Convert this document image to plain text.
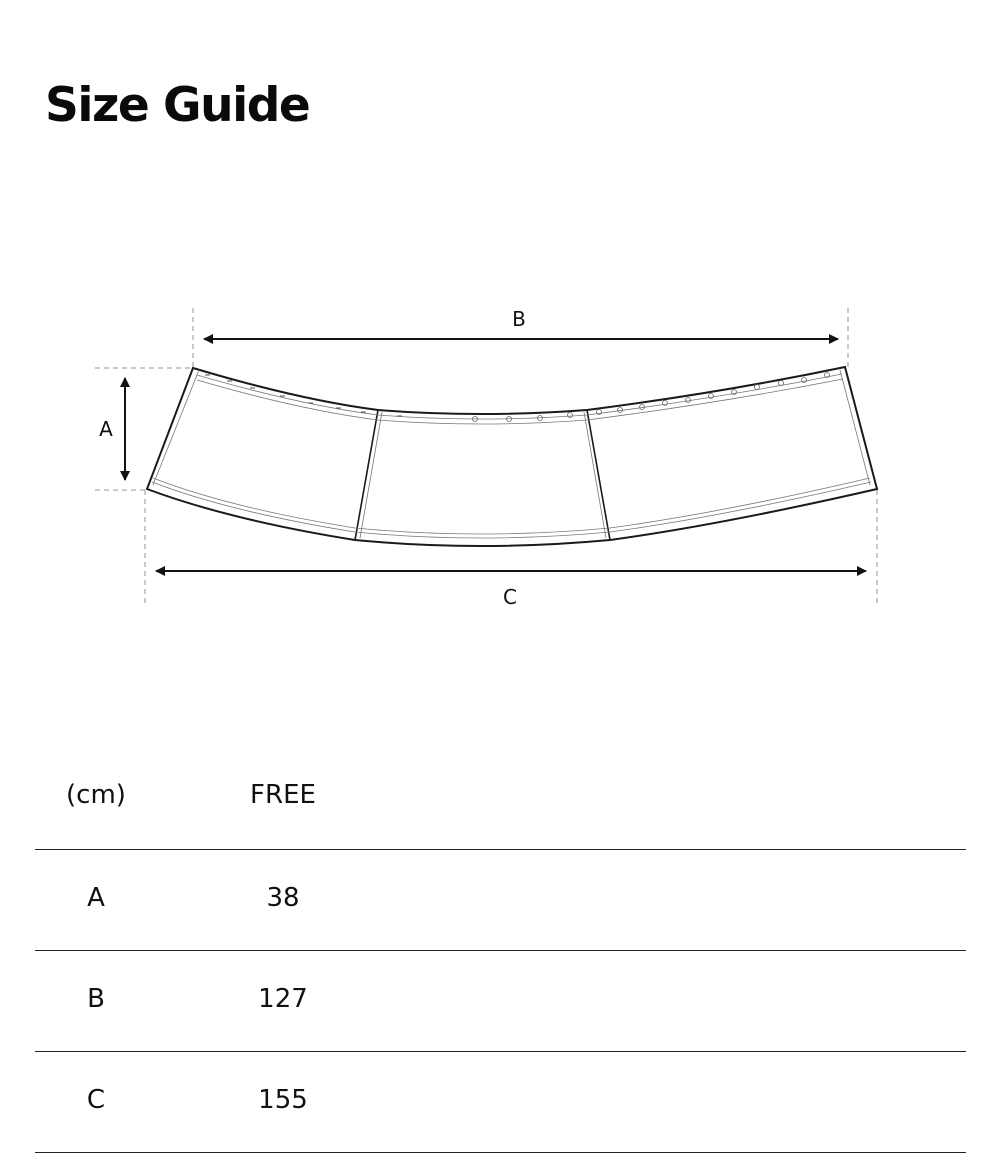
Size Guide
B
A
C
(cm)	FREE
A	38
B	127
C	155
